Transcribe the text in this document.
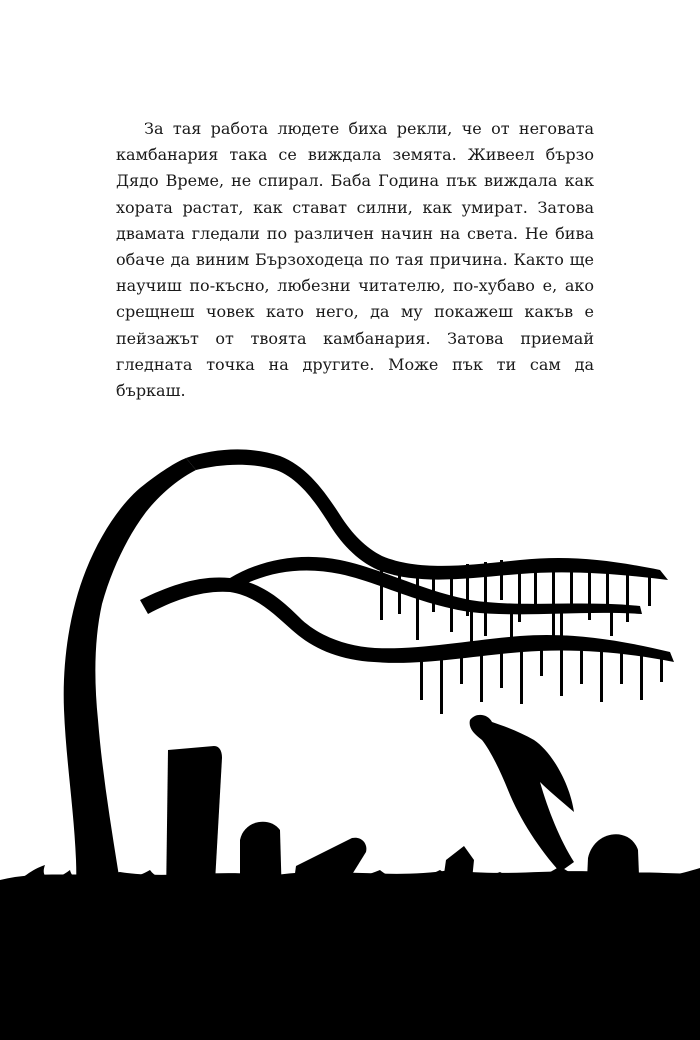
За тая работа людете биха рекли, че от неговата камбанария така се виждала земята. Живеел бързо Дядо Време, не спирал. Баба Година пък виждала как хората растат, как стават силни, как умират. Затова двамата гледали по различен начин на света. Не бива обаче да виним Бързоходеца по тая причина. Както ще научиш по-късно, любезни читателю, по-хубаво е, ако срещнеш човек като него, да му покажеш какъв е пейзажът от твоята камбанария. Затова приемай гледната точка на другите. Може пък ти сам да бъркаш.
